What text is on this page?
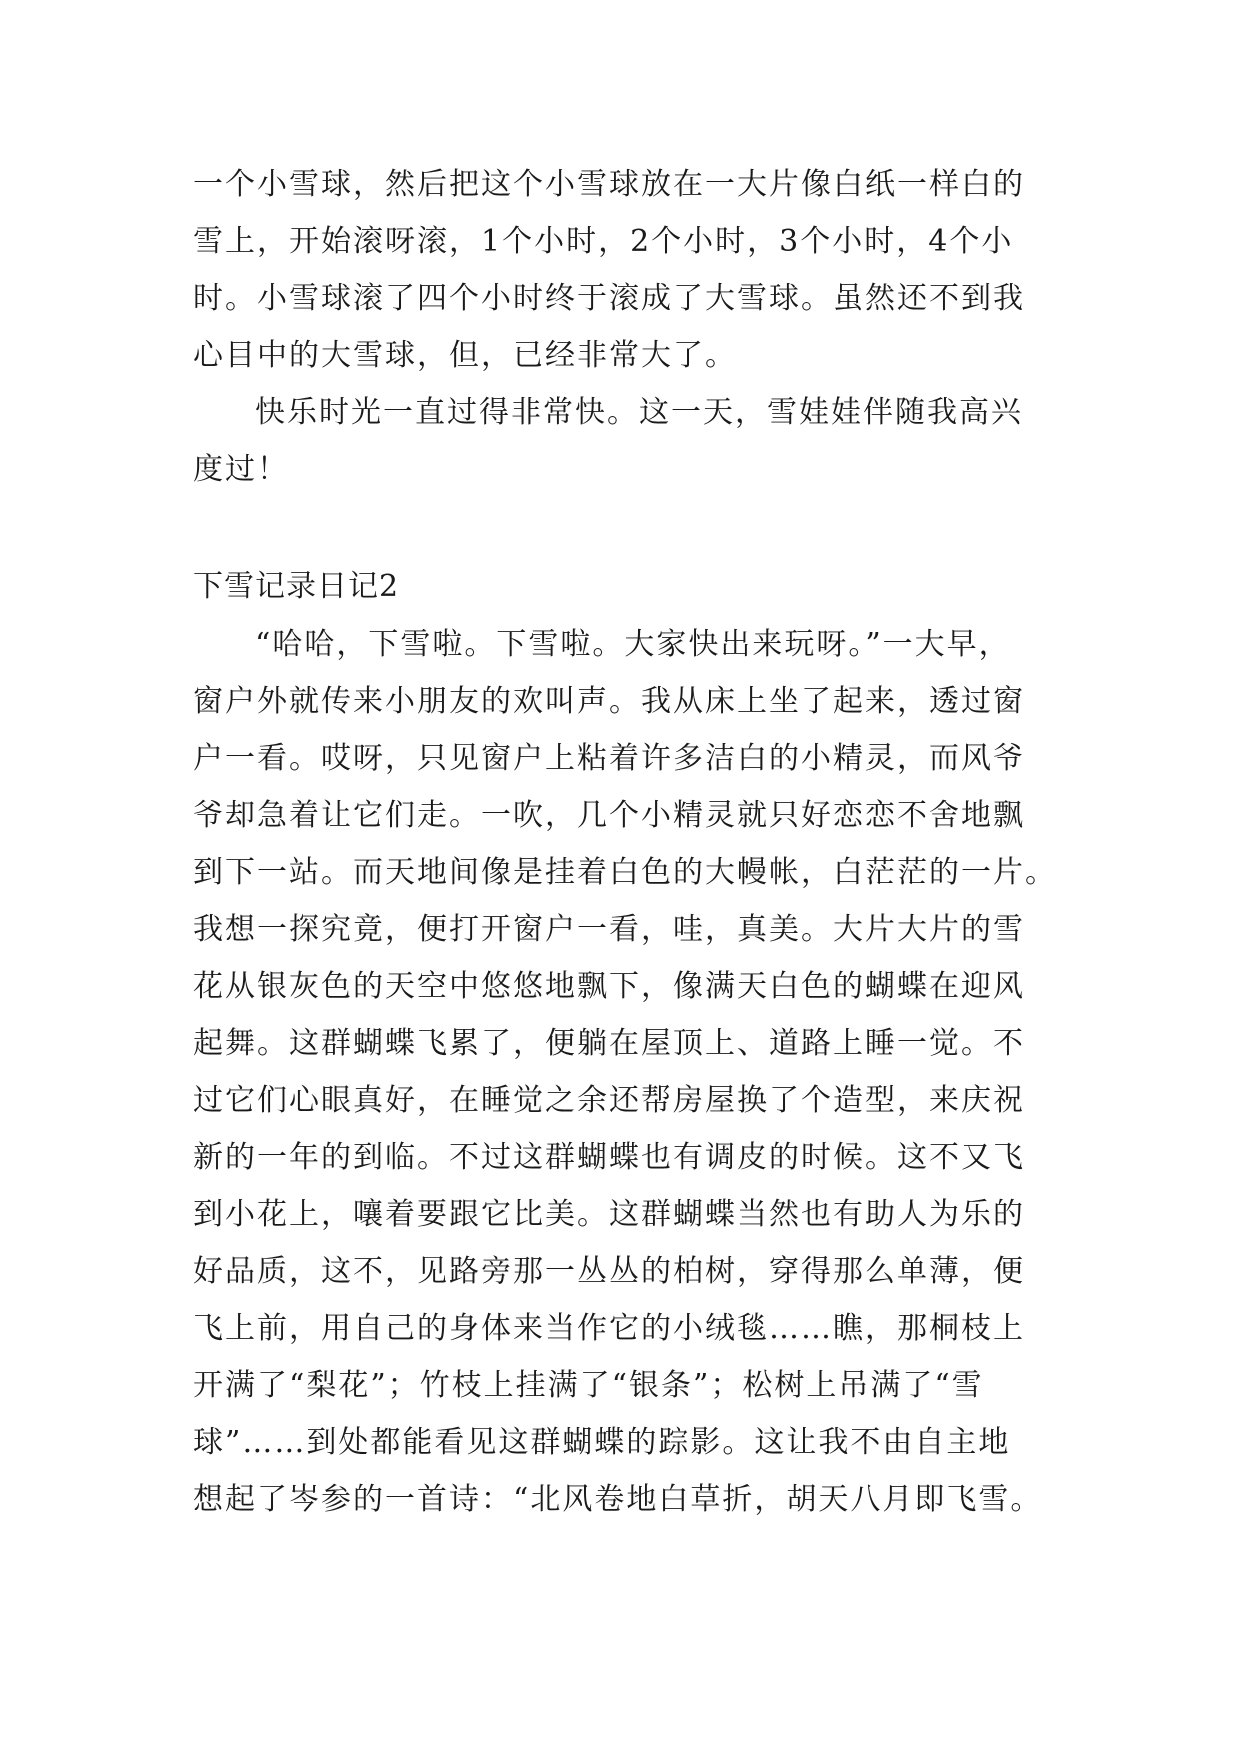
一个小雪球，然后把这个小雪球放在一大片像白纸一样白的
雪上，开始滚呀滚，1个小时，2个小时，3个小时，4个小
时。小雪球滚了四个小时终于滚成了大雪球。虽然还不到我
心目中的大雪球，但，已经非常大了。
快乐时光一直过得非常快。这一天，雪娃娃伴随我高兴
度过！
下雪记录日记2
“哈哈，下雪啦。下雪啦。大家快出来玩呀。”一大早，
窗户外就传来小朋友的欢叫声。我从床上坐了起来，透过窗
户一看。哎呀，只见窗户上粘着许多洁白的小精灵，而风爷
爷却急着让它们走。一吹，几个小精灵就只好恋恋不舍地飘
到下一站。而天地间像是挂着白色的大幔帐，白茫茫的一片。
我想一探究竟，便打开窗户一看，哇，真美。大片大片的雪
花从银灰色的天空中悠悠地飘下，像满天白色的蝴蝶在迎风
起舞。这群蝴蝶飞累了，便躺在屋顶上、道路上睡一觉。不
过它们心眼真好，在睡觉之余还帮房屋换了个造型，来庆祝
新的一年的到临。不过这群蝴蝶也有调皮的时候。这不又飞
到小花上，嚷着要跟它比美。这群蝴蝶当然也有助人为乐的
好品质，这不，见路旁那一丛丛的柏树，穿得那么单薄，便
飞上前，用自己的身体来当作它的小绒毯……瞧，那桐枝上
开满了“梨花”；竹枝上挂满了“银条”；松树上吊满了“雪
球”……到处都能看见这群蝴蝶的踪影。这让我不由自主地
想起了岑参的一首诗：“北风卷地白草折，胡天八月即飞雪。
